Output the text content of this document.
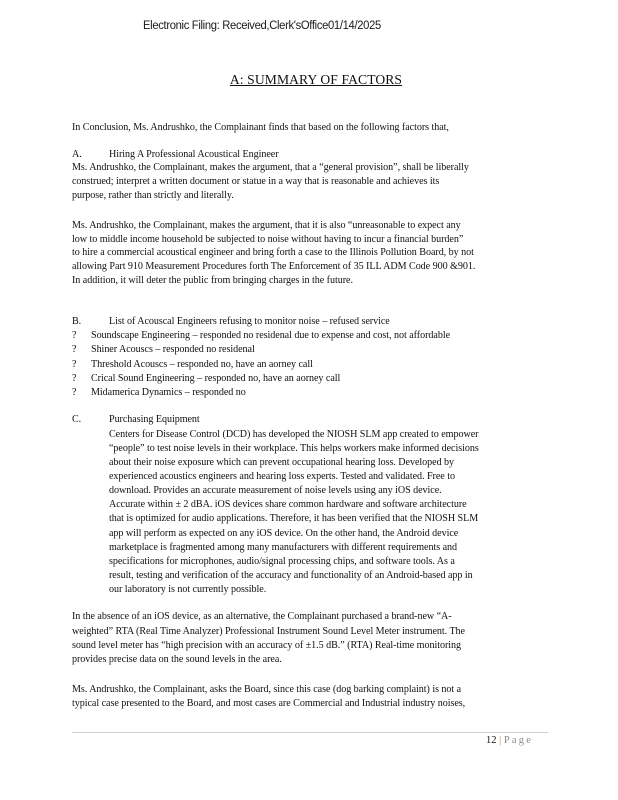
Electronic Filing: Received,Clerk'sOffice01/14/2025
A: SUMMARY OF FACTORS
In Conclusion, Ms. Andrushko, the Complainant finds that based on the following factors that,
A.	Hiring A Professional Acoustical Engineer
Ms. Andrushko, the Complainant, makes the argument, that a “general provision”, shall be liberally
construed; interpret a written document or statue in a way that is reasonable and achieves its
purpose, rather than strictly and literally.
Ms. Andrushko, the Complainant, makes the argument, that it is also “unreasonable to expect any
low to middle income household be subjected to noise without having to incur a financial burden”
to hire a commercial acoustical engineer and bring forth a case to the Illinois Pollution Board, by not
allowing Part 910 Measurement Procedures forth The Enforcement of 35 ILL ADM Code 900 &901.
In addition, it will deter the public from bringing charges in the future.
B.	List of Acouscal Engineers refusing to monitor noise – refused service
? Soundscape Engineering – responded no residenal due to expense and cost, not affordable
? Shiner Acouscs – responded no residenal
? Threshold Acouscs – responded no, have an aorney call
? Crical Sound Engineering – responded no, have an aorney call
? Midamerica Dynamics – responded no
C.	Purchasing Equipment
Centers for Disease Control (DCD) has developed the NIOSH SLM app created to empower
“people” to test noise levels in their workplace. This helps workers make informed decisions
about their noise exposure which can prevent occupational hearing loss. Developed by
experienced acoustics engineers and hearing loss experts. Tested and validated. Free to
download. Provides an accurate measurement of noise levels using any iOS device.
Accurate within ± 2 dBA. iOS devices share common hardware and software architecture
that is optimized for audio applications. Therefore, it has been verified that the NIOSH SLM
app will perform as expected on any iOS device. On the other hand, the Android device
marketplace is fragmented among many manufacturers with different requirements and
specifications for microphones, audio/signal processing chips, and software tools. As a
result, testing and verification of the accuracy and functionality of an Android-based app in
our laboratory is not currently possible.
In the absence of an iOS device, as an alternative, the Complainant purchased a brand-new “A-
weighted” RTA (Real Time Analyzer) Professional Instrument Sound Level Meter instrument. The
sound level meter has “high precision with an accuracy of ±1.5 dB.” (RTA) Real-time monitoring
provides precise data on the sound levels in the area.
Ms. Andrushko, the Complainant, asks the Board, since this case (dog barking complaint) is not a
typical case presented to the Board, and most cases are Commercial and Industrial industry noises,
12 | Page
